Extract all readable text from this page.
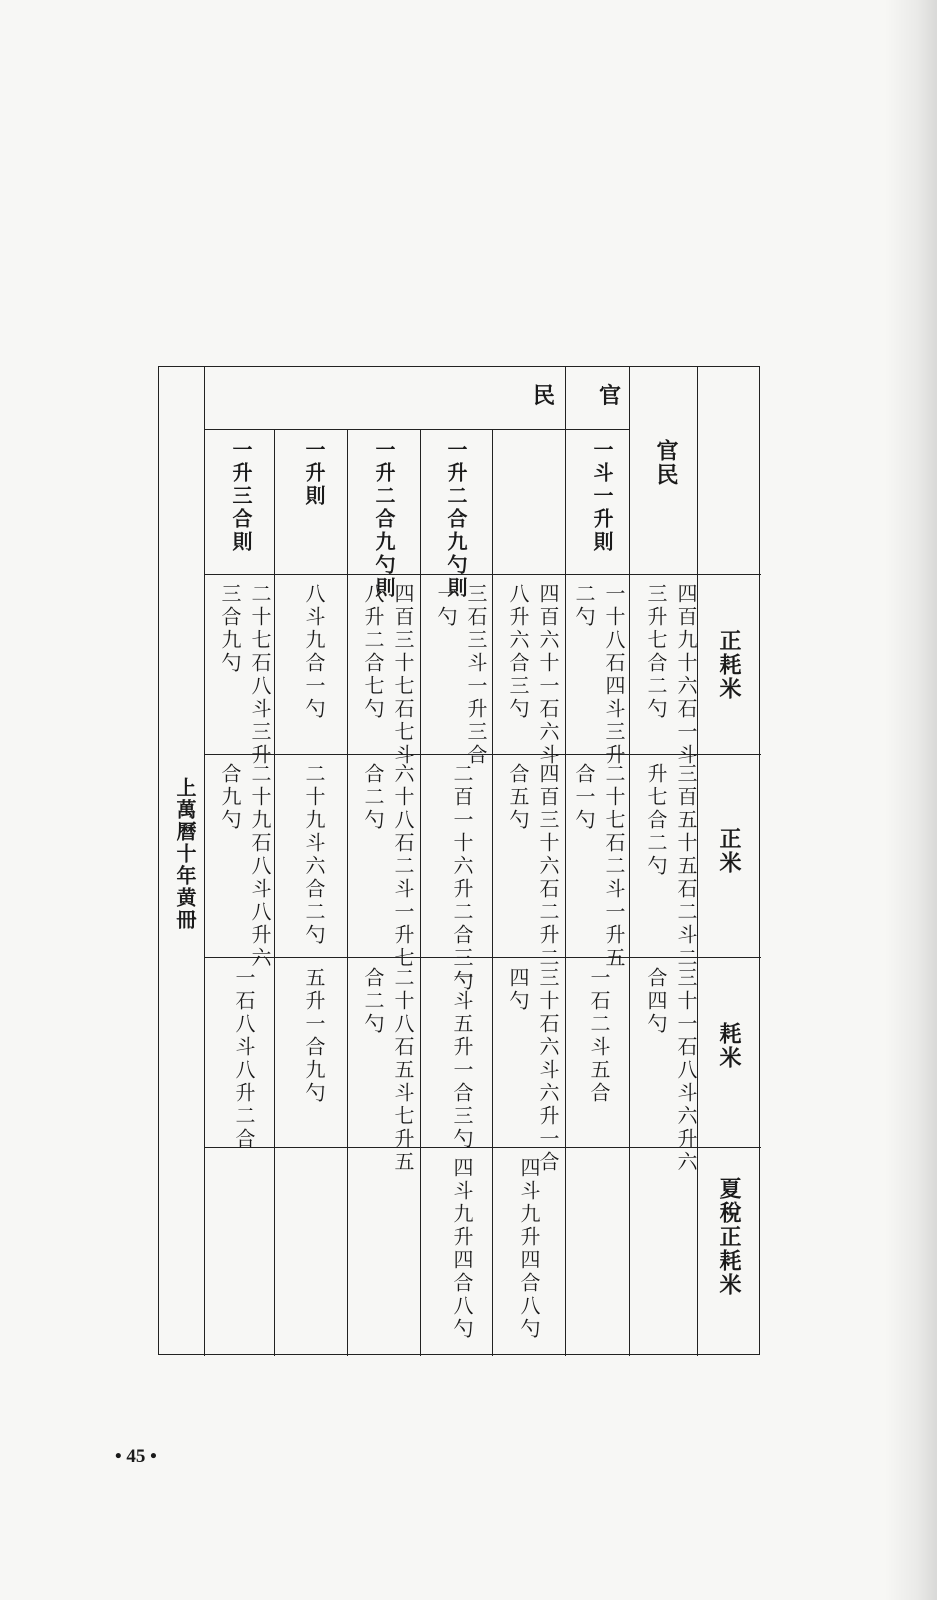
上萬曆十年黄冊
民 官
官民
正耗米
正米
耗米
夏稅正耗米
一斗一升則
一升二合九勺則
一升二合九勺則
一升則
一升三合則
四百九十六石一斗
三升七合二勺
一十八石四斗三升
二勺
四百六十一石六斗
八升六合三勺
三石三斗一升三合
一勺
四百三十七石七斗
八升二合七勺
八斗九合一勺
二十七石八斗三升
三合九勺
三百五十五石二斗二
升七合二勺
二十七石二斗一升五
合一勺
四百三十六石二升二
合五勺
二百一十六升二合三勺
六十八石二斗一升七
合二勺
二十九斗六合二勺
二十九石八斗八升六
合九勺
三十一石八斗六升六
合四勺
一石二斗五合
三十石六斗六升一合
四勺
一斗五升一合三勺
二十八石五斗七升五
合二勺
五升一合九勺
一石八斗八升二合
四斗九升四合八勺
四斗九升四合八勺
• 45 •
